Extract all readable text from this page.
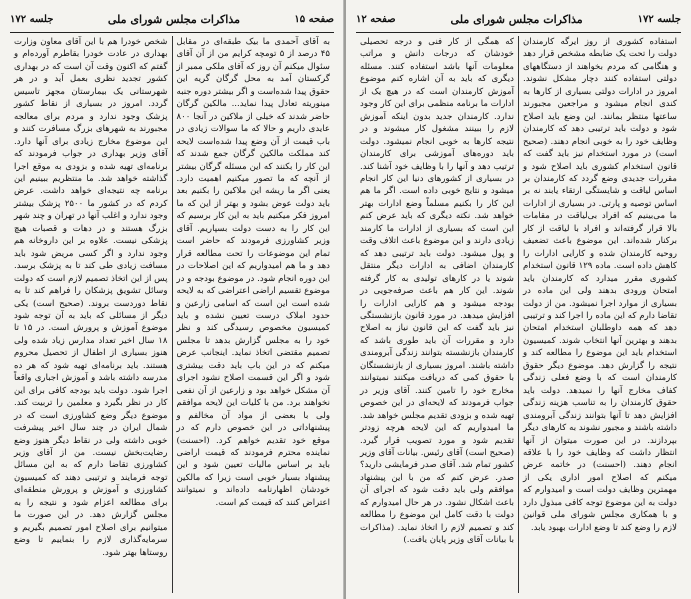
صفحه ۱۵
مذاکرات مجلس شورای ملی
جلسه ۱۷۲

شخص خودرا هم با این آقای معاون وزارت بهداری در عادت خودرا بقاطرم آورده‌ام و گفتم که اکنون وقت آن است که در بهداری کشور تجدید نظری بعمل آید و در هر شهرستانی یک بیمارستان مجهز تاسیس گردد. امروز در بسیاری از نقاط کشور پزشک وجود ندارد و مردم برای معالجه مجبورند به شهرهای بزرگ مسافرت کنند و این موضوع مخارج زیادی برای آنها دارد. آقای وزیر بهداری در جواب فرمودند که برنامه‌ای تهیه شده و بزودی به موقع اجرا گذاشته خواهد شد. ما منتظریم ببینیم این برنامه چه نتیجه‌ای خواهد داشت. عرض کردم که در کشور ما ۲۵۰۰ پزشک بیشتر وجود ندارد و اغلب آنها در تهران و چند شهر بزرگ هستند و در دهات و قصبات هیچ پزشکی نیست. علاوه بر این داروخانه هم وجود ندارد و اگر کسی مریض شود باید مسافت زیادی طی کند تا به پزشک برسد. پس از این اتخاذ تصمیم لازم است که دولت وسائل تشویق پزشکان را فراهم کند تا به نقاط دوردست بروند. (صحیح است) یکی دیگر از مسائلی که باید به آن توجه شود موضوع آموزش و پرورش است. در ۱۵ تا ۱۸ سال اخیر تعداد مدارس زیاد شده ولی هنوز بسیاری از اطفال از تحصیل محروم هستند. باید برنامه‌ای تهیه شود که هر ده مدرسه داشته باشد و آموزش اجباری واقعاً اجرا شود. دولت باید بودجه کافی برای این کار در نظر بگیرد و معلمین را تربیت کند. موضوع دیگر وضع کشاورزی است که در شمال ایران در چند سال اخیر پیشرفت خوبی داشته ولی در نقاط دیگر هنوز وضع رضایت‌بخش نیست. من از آقای وزیر کشاورزی تقاضا دارم که به این مسائل توجه فرمایند و ترتیبی دهند که کمیسیون کشاورزی و آموزش و پرورش منطقه‌ای برای مطالعه اعزام شود و نتیجه را به مجلس گزارش دهد. در این صورت ما میتوانیم برای اصلاح امور تصمیم بگیریم و سرمایه‌گذاری لازم را بنماییم تا وضع روستاها بهتر شود.

به آقای آحمدی ما بیک طبقه‌ای در مقابل ۴۵ درصد از ۵ تومچه کرایم من از آن آقای سئوال میکنم آن روز که آقای ملکی ممبر از گرکستان آمد به محل گرگان گریه این حقوق پیدا شده‌است و اگر بیشتر دوره جنبه مینوریته تعادل پیدا نماید... مالکین گرگان حاضر شدند که خیلی از ملاکین در آنجا ۸۰۰ عایدی داریم و حالا که ما سوالات زیادی در باب قیمت از آن وضع پیدا شده‌است لایحه کند مملکت مالکین گرگان جمع شدند که این کار را بکنند که این مسئله گرگان بیشتر از آنچه که ما تصور میکنیم اهمیت دارد. یعنی اگر ما ریشه این ملاکین را بکنیم بعد باید دولت عوض بشود و بهتر از این که ما امروز فکر میکنیم باید به این کار برسیم که این کار را به دست دولت بسپاریم. آقای وزیر کشاورزی فرمودند که حاضر است تمام این موضوعات را تحت مطالعه قرار دهد و ما هم امیدواریم که این اصلاحات در این دوره انجام شود. در موضوع بودجه و در موضوع تقسیم اراضی اعتراضی که به لایحه شده است این است که اسامی زارعین و حدود املاک درست تعیین نشده و باید کمیسیون مخصوص رسیدگی کند و نظر خود را به مجلس گزارش بدهد تا مجلس تصمیم مقتضی اتخاذ نماید. اینجانب عرض میکنم که در این باب باید دقت بیشتری شود و اگر این قسمت اصلاح نشود اجرای آن مشکل خواهد بود و زارعین از آن نفعی نخواهند برد. من با کلیات این لایحه موافقم ولی با بعضی از مواد آن مخالفم و پیشنهاداتی در این خصوص دارم که در موقع خود تقدیم خواهم کرد. (احسنت) نماینده محترم فرمودند که قیمت اراضی باید بر اساس مالیات تعیین شود و این پیشنهاد بسیار خوبی است زیرا که مالکین خودشان اظهارنامه داده‌اند و نمیتوانند اعتراض کنند که قیمت کم است.

جلسه ۱۷۲
مذاکرات مجلس شورای ملی
صفحه ۱۲

که همگی از کار فنی و درجه تحصیلی خودشان که درجات دانش و مراتب معلومات آنها باشد استفاده کنند. مسئله دیگری که باید به آن اشاره کنم موضوع آموزش کارمندان است که در هیچ یک از ادارات ما برنامه منظمی برای این کار وجود ندارد. کارمندان جدید بدون اینکه آموزش لازم را ببینند مشغول کار میشوند و در نتیجه کارها به خوبی انجام نمیشود. دولت باید دوره‌های آموزشی برای کارمندان ترتیب دهد و آنها را با وظایف خود آشنا کند. در بسیاری از کشورهای دنیا این کار انجام میشود و نتایج خوبی داده است. اگر ما هم این کار را بکنیم مسلماً وضع ادارات بهتر خواهد شد. نکته دیگری که باید عرض کنم این است که بسیاری از ادارات ما کارمند زیادی دارند و این موضوع باعث اتلاف وقت و پول میشود. دولت باید ترتیبی دهد که کارمندان اضافی به ادارات دیگر منتقل شوند یا در کارهای تولیدی به کار گرفته شوند. این کار هم باعث صرفه‌جویی در بودجه میشود و هم کارایی ادارات را افزایش میدهد. در مورد قانون بازنشستگی نیز باید گفت که این قانون نیاز به اصلاح دارد و مقررات آن باید طوری باشد که کارمندان بازنشسته بتوانند زندگی آبرومندی داشته باشند. امروز بسیاری از بازنشستگان با حقوق کمی که دریافت میکنند نمیتوانند مخارج خود را تامین کنند. آقای وزیر در جواب فرمودند که لایحه‌ای در این خصوص تهیه شده و بزودی تقدیم مجلس خواهد شد. ما امیدواریم که این لایحه هرچه زودتر تقدیم شود و مورد تصویب قرار گیرد. (صحیح است) آقای رئیس. بیانات آقای وزیر کشور تمام شد. آقای صدر فرمایشی دارید؟ صدر. عرض کنم که من با این پیشنهاد موافقم ولی باید دقت شود که اجرای آن باعث اشکال نشود. در هر حال امیدوارم که دولت با دقت کامل این موضوع را مطالعه کند و تصمیم لازم را اتخاذ نماید. (مذاکرات با بیانات آقای وزیر پایان یافت.)

استفاده کشوری از روز ایرگه کارمندان دولت را تحت یک ضابطه مشخص قرار دهد و هنگامی که مردم بخواهند از دستگاههای دولتی استفاده کنند دچار مشکل نشوند. امروز در ادارات دولتی بسیاری از کارها به کندی انجام میشود و مراجعین مجبورند ساعتها منتظر بمانند. این وضع باید اصلاح شود و دولت باید ترتیبی دهد که کارمندان وظایف خود را به خوبی انجام دهند. (صحیح است) در مورد استخدام نیز باید گفت که قانون استخدام کشوری باید اصلاح شود و مقررات جدیدی وضع گردد که کارمندان بر اساس لیاقت و شایستگی ارتقاء یابند نه بر اساس توصیه و پارتی. در بسیاری از ادارات ما می‌بینیم که افراد بی‌لیاقت در مقامات بالا قرار گرفته‌اند و افراد با لیاقت از کار برکنار شده‌اند. این موضوع باعث تضعیف روحیه کارمندان شده و کارایی ادارات را کاهش داده است. ماده ۱۲۹ قانون استخدام کشوری مقرر میدارد که کارمندان باید امتحان ورودی بدهند ولی این ماده در بسیاری از موارد اجرا نمیشود. من از دولت تقاضا دارم که این ماده را اجرا کند و ترتیبی دهد که همه داوطلبان استخدام امتحان بدهند و بهترین آنها انتخاب شوند. کمیسیون استخدام باید این موضوع را مطالعه کند و نتیجه را گزارش دهد. موضوع دیگر حقوق کارمندان است که با وضع فعلی زندگی کفاف مخارج آنها را نمیدهد. دولت باید حقوق کارمندان را به تناسب هزینه زندگی افزایش دهد تا آنها بتوانند زندگی آبرومندی داشته باشند و مجبور نشوند به کارهای دیگر بپردازند. در این صورت میتوان از آنها انتظار داشت که وظایف خود را با علاقه انجام دهند. (احسنت) در خاتمه عرض میکنم که اصلاح امور اداری یکی از مهمترین وظایف دولت است و امیدوارم که دولت به این موضوع توجه کافی مبذول دارد و با همکاری مجلس شورای ملی قوانین لازم را وضع کند تا وضع ادارات بهبود یابد.
